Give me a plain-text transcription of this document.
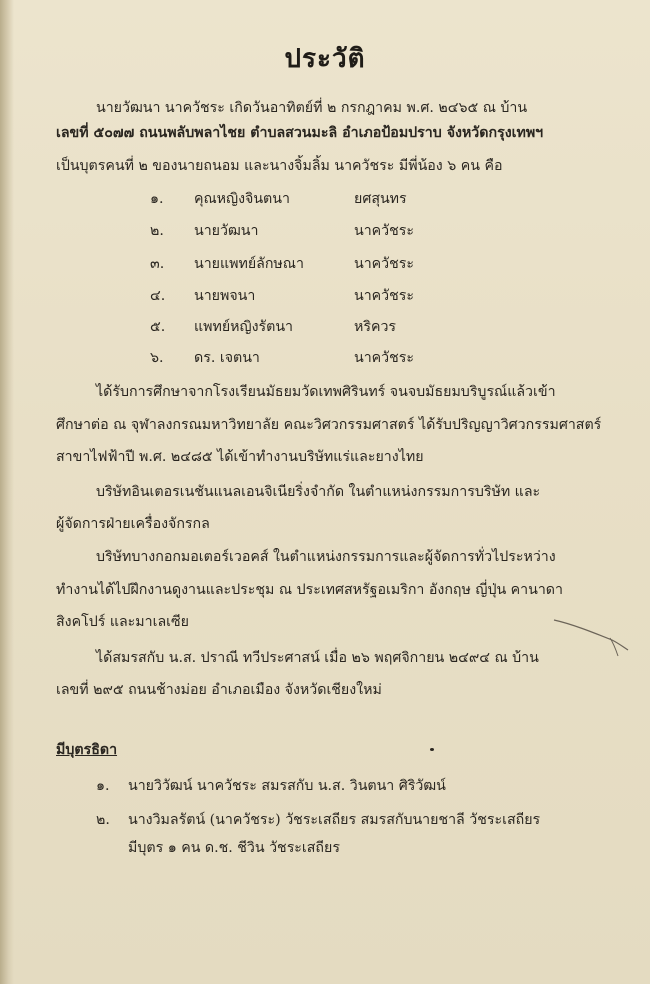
ประวัติ
นายวัฒนา นาควัชระ เกิดวันอาทิตย์ที่ ๒ กรกฎาคม พ.ศ. ๒๔๖๕ ณ บ้าน
เลขที่ ๕๐๗๗ ถนนพลับพลาไชย ตำบลสวนมะลิ อำเภอป้อมปราบ จังหวัดกรุงเทพฯ
เป็นบุตรคนที่ ๒ ของนายถนอม และนางจิ้มลิ้ม นาควัชระ มีพี่น้อง ๖ คน คือ
๑. คุณหญิงจินตนา	ยศสุนทร
๒. นายวัฒนา	นาควัชระ
๓. นายแพทย์ลักษณา	นาควัชระ
๔. นายพจนา	นาควัชระ
๕. แพทย์หญิงรัตนา	หริควร
๖. ดร. เจตนา	นาควัชระ
ได้รับการศึกษาจากโรงเรียนมัธยมวัดเทพศิรินทร์ จนจบมัธยมบริบูรณ์แล้วเข้า
ศึกษาต่อ ณ จุฬาลงกรณมหาวิทยาลัย คณะวิศวกรรมศาสตร์ ได้รับปริญญาวิศวกรรมศาสตร์
สาขาไฟฟ้าปี พ.ศ. ๒๔๘๕ ได้เข้าทำงานบริษัทแร่และยางไทย
บริษัทอินเตอรเนชันแนลเอนจิเนียริ่งจำกัด ในตำแหน่งกรรมการบริษัท และ
ผู้จัดการฝ่ายเครื่องจักรกล
บริษัทบางกอกมอเตอร์เวอคส์ ในตำแหน่งกรรมการและผู้จัดการทั่วไประหว่าง
ทำงานได้ไปฝึกงานดูงานและประชุม ณ ประเทศสหรัฐอเมริกา อังกฤษ ญี่ปุ่น คานาดา
สิงคโปร์ และมาเลเซีย
ได้สมรสกับ น.ส. ปราณี ทวีประศาสน์ เมื่อ ๒๖ พฤศจิกายน ๒๔๙๔ ณ บ้าน
เลขที่ ๒๙๕ ถนนช้างม่อย อำเภอเมือง จังหวัดเชียงใหม่
มีบุตรธิดา
๑. นายวิวัฒน์ นาควัชระ สมรสกับ น.ส. วินตนา ศิริวัฒน์
๒. นางวิมลรัตน์ (นาควัชระ) วัชระเสถียร สมรสกับนายชาลี วัชระเสถียร
มีบุตร ๑ คน ด.ช. ชีวิน วัชระเสถียร
